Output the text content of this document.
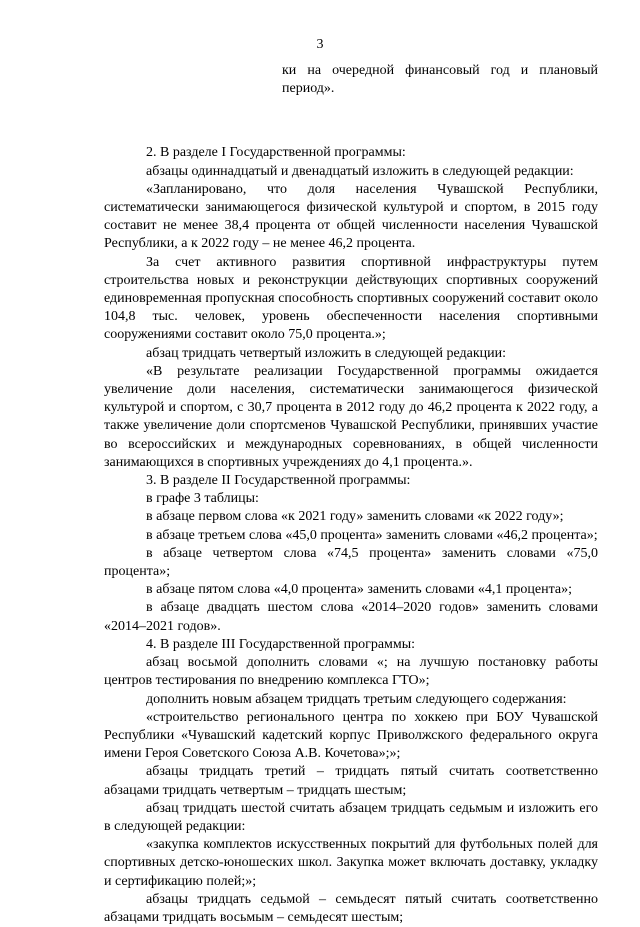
3

ки на очередной финансовый год и плановый период».

2. В разделе I Государственной программы:

абзацы одиннадцатый и двенадцатый изложить в следующей редакции:

«Запланировано, что доля населения Чувашской Республики, систематически занимающегося физической культурой и спортом, в 2015 году составит не менее 38,4 процента от общей численности населения Чувашской Республики, а к 2022 году – не менее 46,2 процента.

За счет активного развития спортивной инфраструктуры путем строительства новых и реконструкции действующих спортивных сооружений единовременная пропускная способность спортивных сооружений составит около 104,8 тыс. человек, уровень обеспеченности населения спортивными сооружениями составит около 75,0 процента.»;

абзац тридцать четвертый изложить в следующей редакции:

«В результате реализации Государственной программы ожидается увеличение доли населения, систематически занимающегося физической культурой и спортом, с 30,7 процента в 2012 году до 46,2 процента к 2022 году, а также увеличение доли спортсменов Чувашской Республики, принявших участие во всероссийских и международных соревнованиях, в общей численности занимающихся в спортивных учреждениях до 4,1 процента.».

3. В разделе II Государственной программы:

в графе 3 таблицы:

в абзаце первом слова «к 2021 году» заменить словами «к 2022 году»;

в абзаце третьем слова «45,0 процента» заменить словами «46,2 процента»;

в абзаце четвертом слова «74,5 процента» заменить словами «75,0 процента»;

в абзаце пятом слова «4,0 процента» заменить словами «4,1 процента»;

в абзаце двадцать шестом слова «2014–2020 годов» заменить словами «2014–2021 годов».

4. В разделе III Государственной программы:

абзац восьмой дополнить словами «; на лучшую постановку работы центров тестирования по внедрению комплекса ГТО»;

дополнить новым абзацем тридцать третьим следующего содержания:

«строительство регионального центра по хоккею при БОУ Чувашской Республики «Чувашский кадетский корпус Приволжского федерального округа имени Героя Советского Союза А.В. Кочетова»;»;

абзацы тридцать третий – тридцать пятый считать соответственно абзацами тридцать четвертым – тридцать шестым;

абзац тридцать шестой считать абзацем тридцать седьмым и изложить его в следующей редакции:

«закупка комплектов искусственных покрытий для футбольных полей для спортивных детско-юношеских школ. Закупка может включать доставку, укладку и сертификацию полей;»;

абзацы тридцать седьмой – семьдесят пятый считать соответственно абзацами тридцать восьмым – семьдесят шестым;
